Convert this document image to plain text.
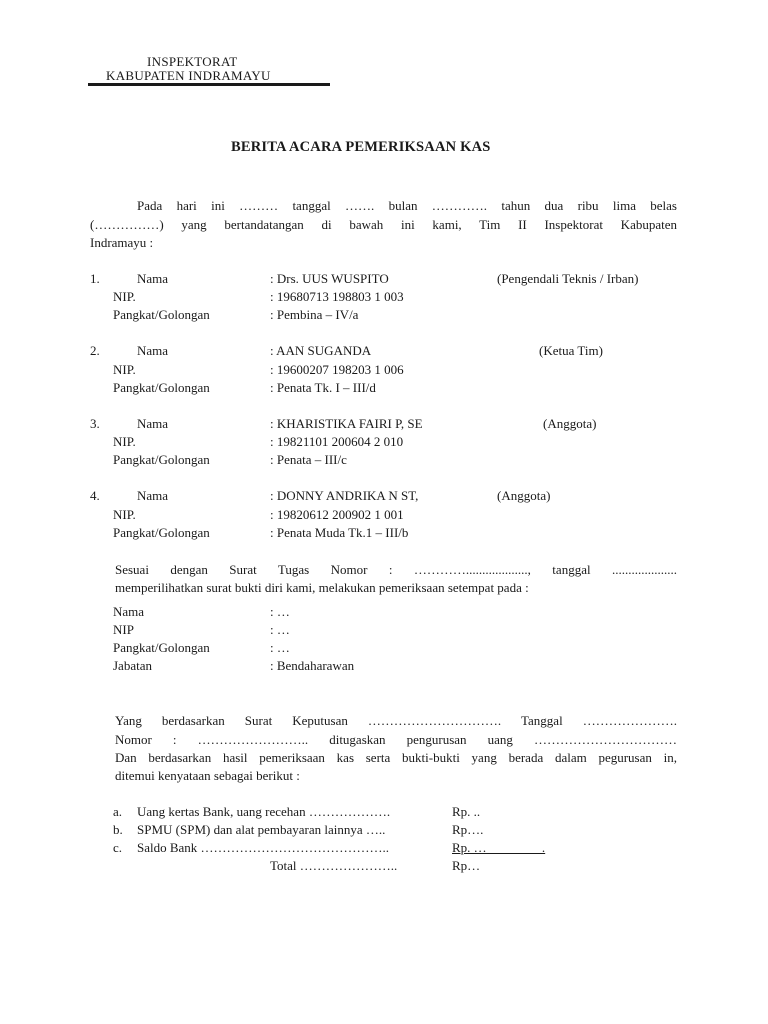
INSPEKTORAT
KABUPATEN INDRAMAYU
BERITA ACARA PEMERIKSAAN KAS
Pada hari ini ……… tanggal ……. bulan …………. tahun dua ribu lima belas
(……………) yang bertandatangan di bawah ini kami, Tim II Inspektorat Kabupaten
Indramayu :
1.	Nama	: Drs. UUS WUSPITO	(Pengendali Teknis / Irban)
NIP.	: 19680713 198803 1 003
Pangkat/Golongan	: Pembina – IV/a
2.	Nama	: AAN SUGANDA	(Ketua Tim)
NIP.	: 19600207 198203 1 006
Pangkat/Golongan	: Penata Tk. I – III/d
3.	Nama	: KHARISTIKA FAIRI P, SE	(Anggota)
NIP.	: 19821101 200604 2 010
Pangkat/Golongan	: Penata – III/c
4.	Nama	: DONNY ANDRIKA N ST,	(Anggota)
NIP.	: 19820612 200902 1 001
Pangkat/Golongan	: Penata Muda Tk.1 – III/b
Sesuai dengan Surat Tugas Nomor : …………..................., tanggal ....................
memperilihatkan surat bukti diri kami, melakukan pemeriksaan setempat pada :
Nama	: …
NIP	: …
Pangkat/Golongan	: …
Jabatan	: Bendaharawan
Yang berdasarkan Surat Keputusan …………………………. Tanggal ………………….
Nomor : …………………….. ditugaskan pengurusan uang ……………………………
Dan berdasarkan hasil pemeriksaan kas serta bukti-bukti yang berada dalam pegurusan in,
ditemui kenyataan sebagai berikut :
a. Uang kertas Bank, uang recehan ……………….	Rp. ..
b. SPMU (SPM) dan alat pembayaran lainnya …..	Rp….
c. Saldo Bank ……………………………………..	Rp. …                 .
Total …………………..	Rp…
